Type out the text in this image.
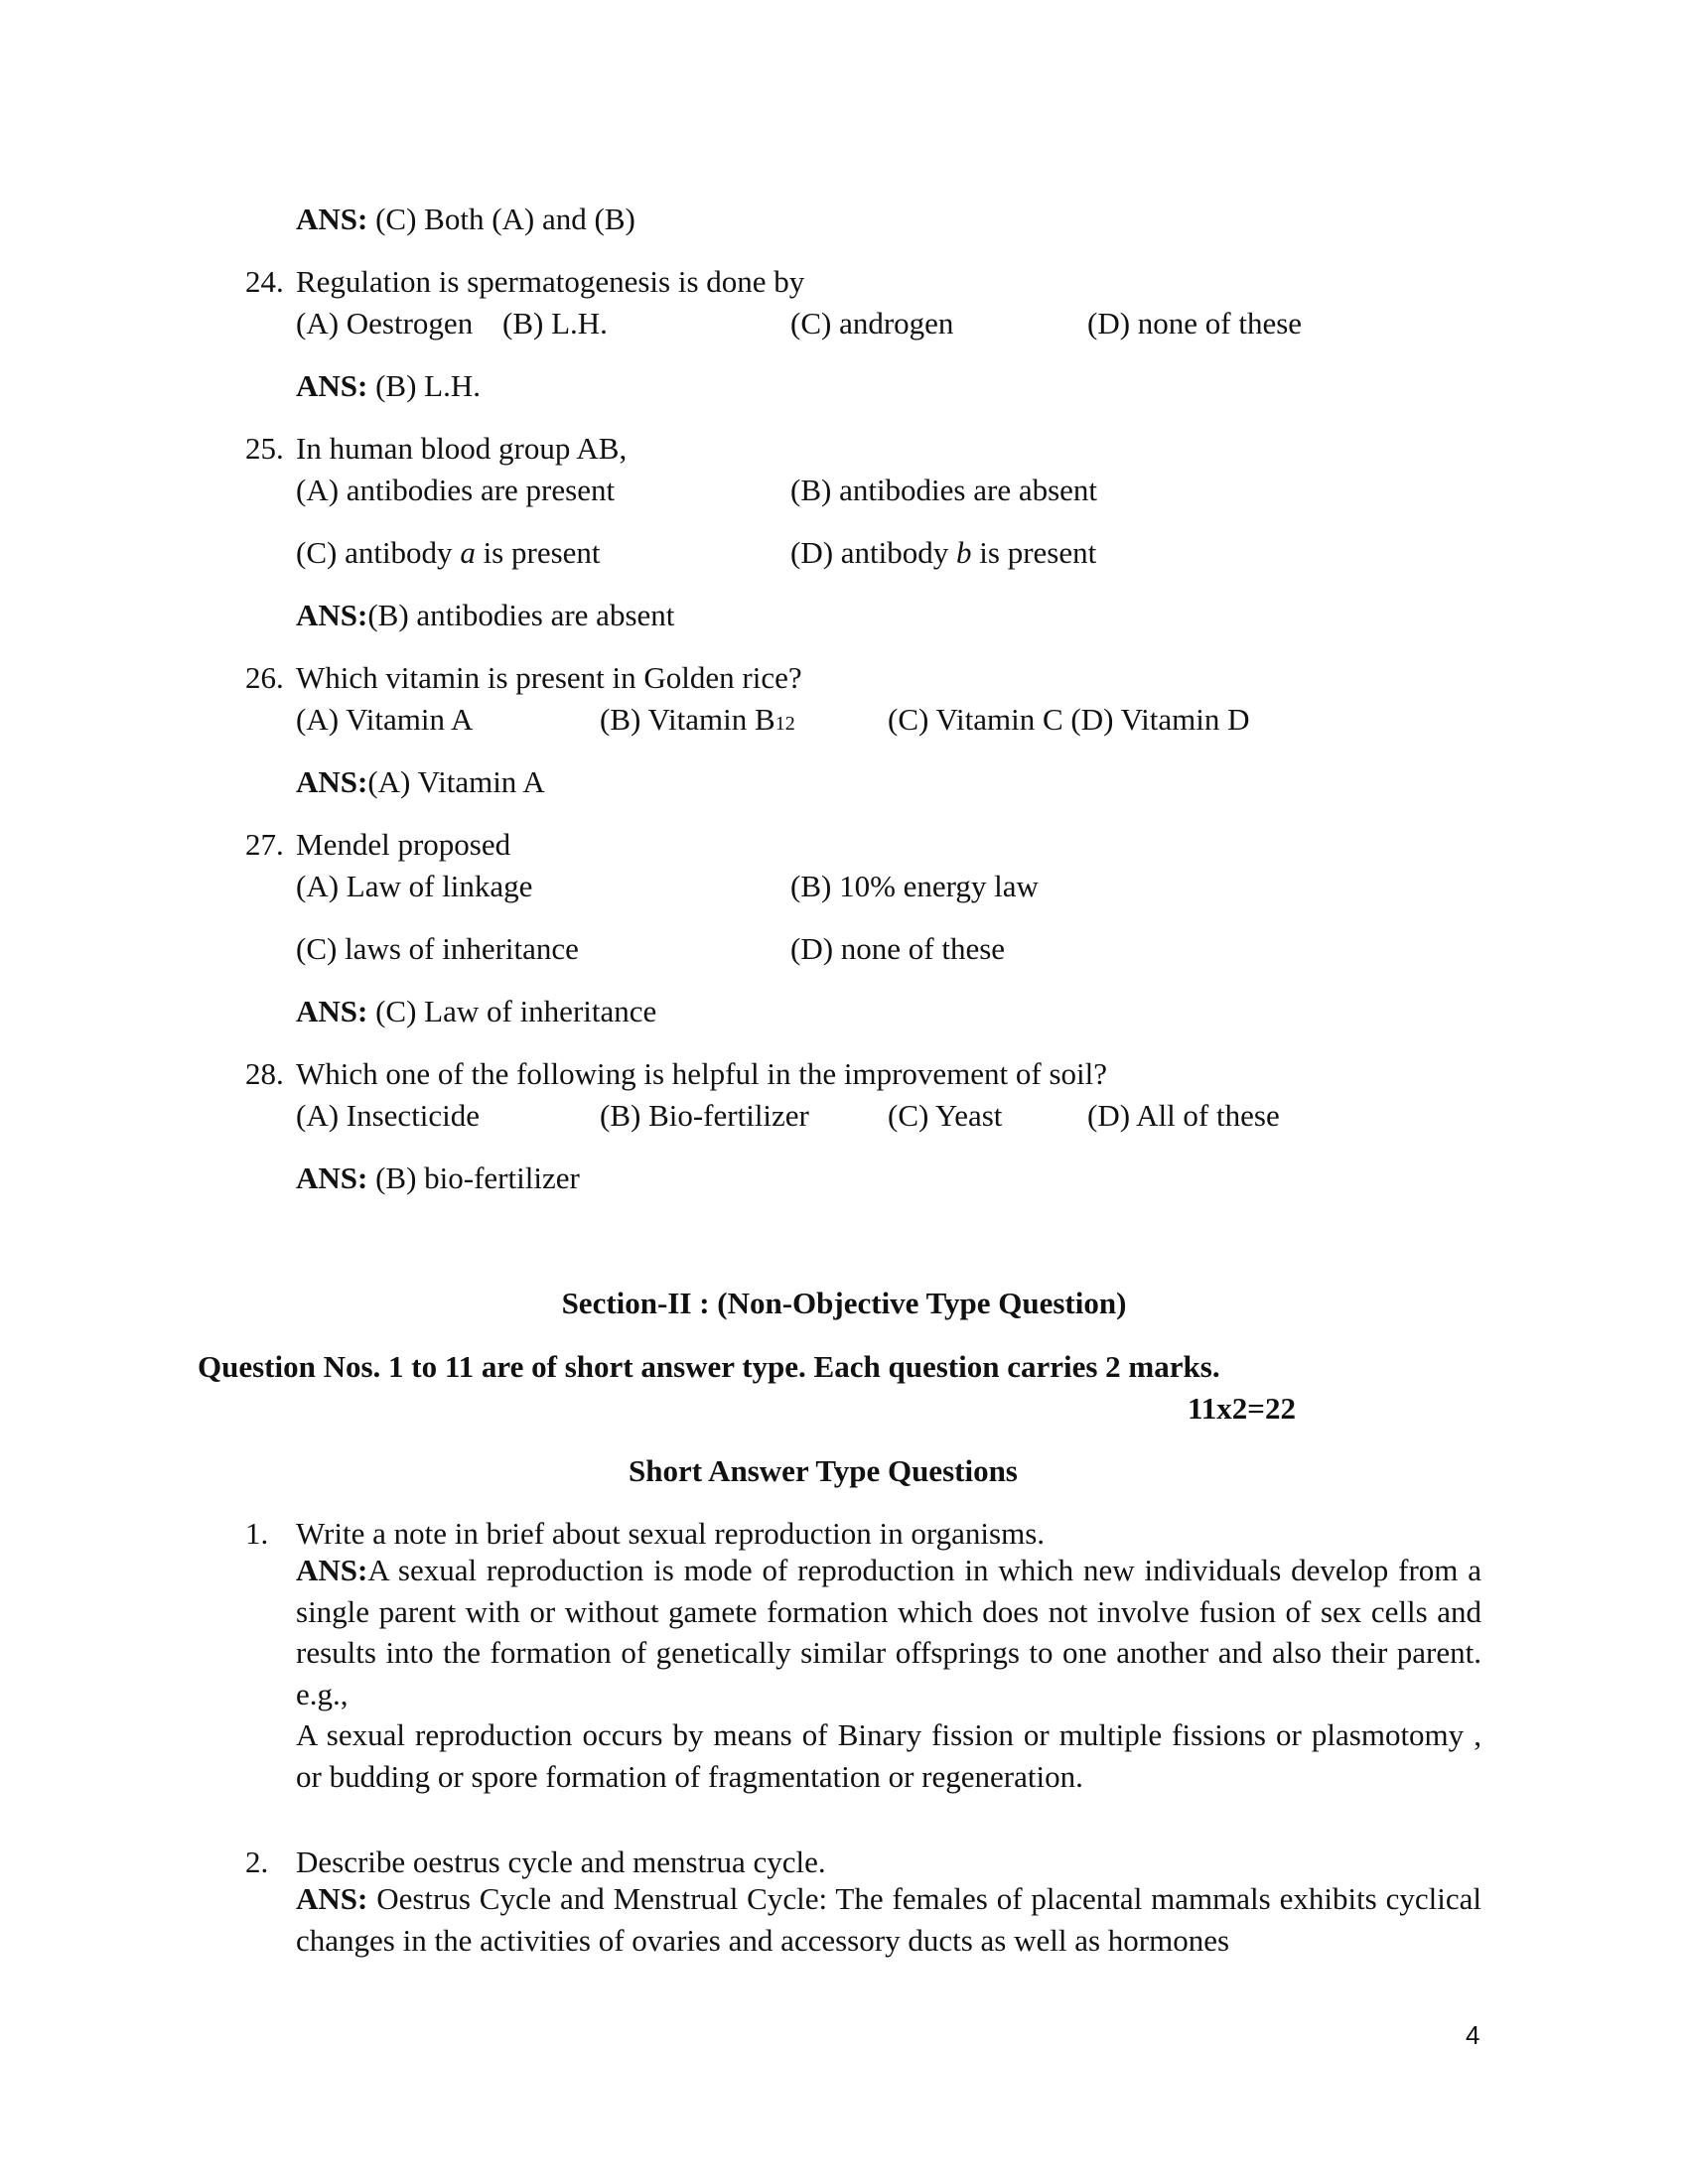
ANS: (C) Both (A) and (B)
24. Regulation is spermatogenesis is done by
(A) Oestrogen (B) L.H.	(C) androgen	(D) none of these
ANS: (B) L.H.
25. In human blood group AB,
(A) antibodies are present	(B) antibodies are absent
(C) antibody a is present	(D) antibody b is present
ANS:(B) antibodies are absent
26. Which vitamin is present in Golden rice?
(A) Vitamin A	(B) Vitamin B12	(C) Vitamin C (D) Vitamin D
ANS:(A) Vitamin A
27. Mendel proposed
(A) Law of linkage	(B) 10% energy law
(C) laws of inheritance	(D) none of these
ANS: (C) Law of inheritance
28. Which one of the following is helpful in the improvement of soil?
(A) Insecticide	(B) Bio-fertilizer	(C) Yeast	(D) All of these
ANS: (B) bio-fertilizer
Section-II : (Non-Objective Type Question)
Question Nos. 1 to 11 are of short answer type. Each question carries 2 marks.
11x2=22
Short Answer Type Questions
1. Write a note in brief about sexual reproduction in organisms.
ANS:A sexual reproduction is mode of reproduction in which new individuals develop from a single parent with or without gamete formation which does not involve fusion of sex cells and results into the formation of genetically similar offsprings to one another and also their parent. e.g.,
A sexual reproduction occurs by means of Binary fission or multiple fissions or plasmotomy , or budding or spore formation of fragmentation or regeneration.
2. Describe oestrus cycle and menstrua cycle.
ANS: Oestrus Cycle and Menstrual Cycle: The females of placental mammals exhibits cyclical changes in the activities of ovaries and accessory ducts as well as hormones
4
